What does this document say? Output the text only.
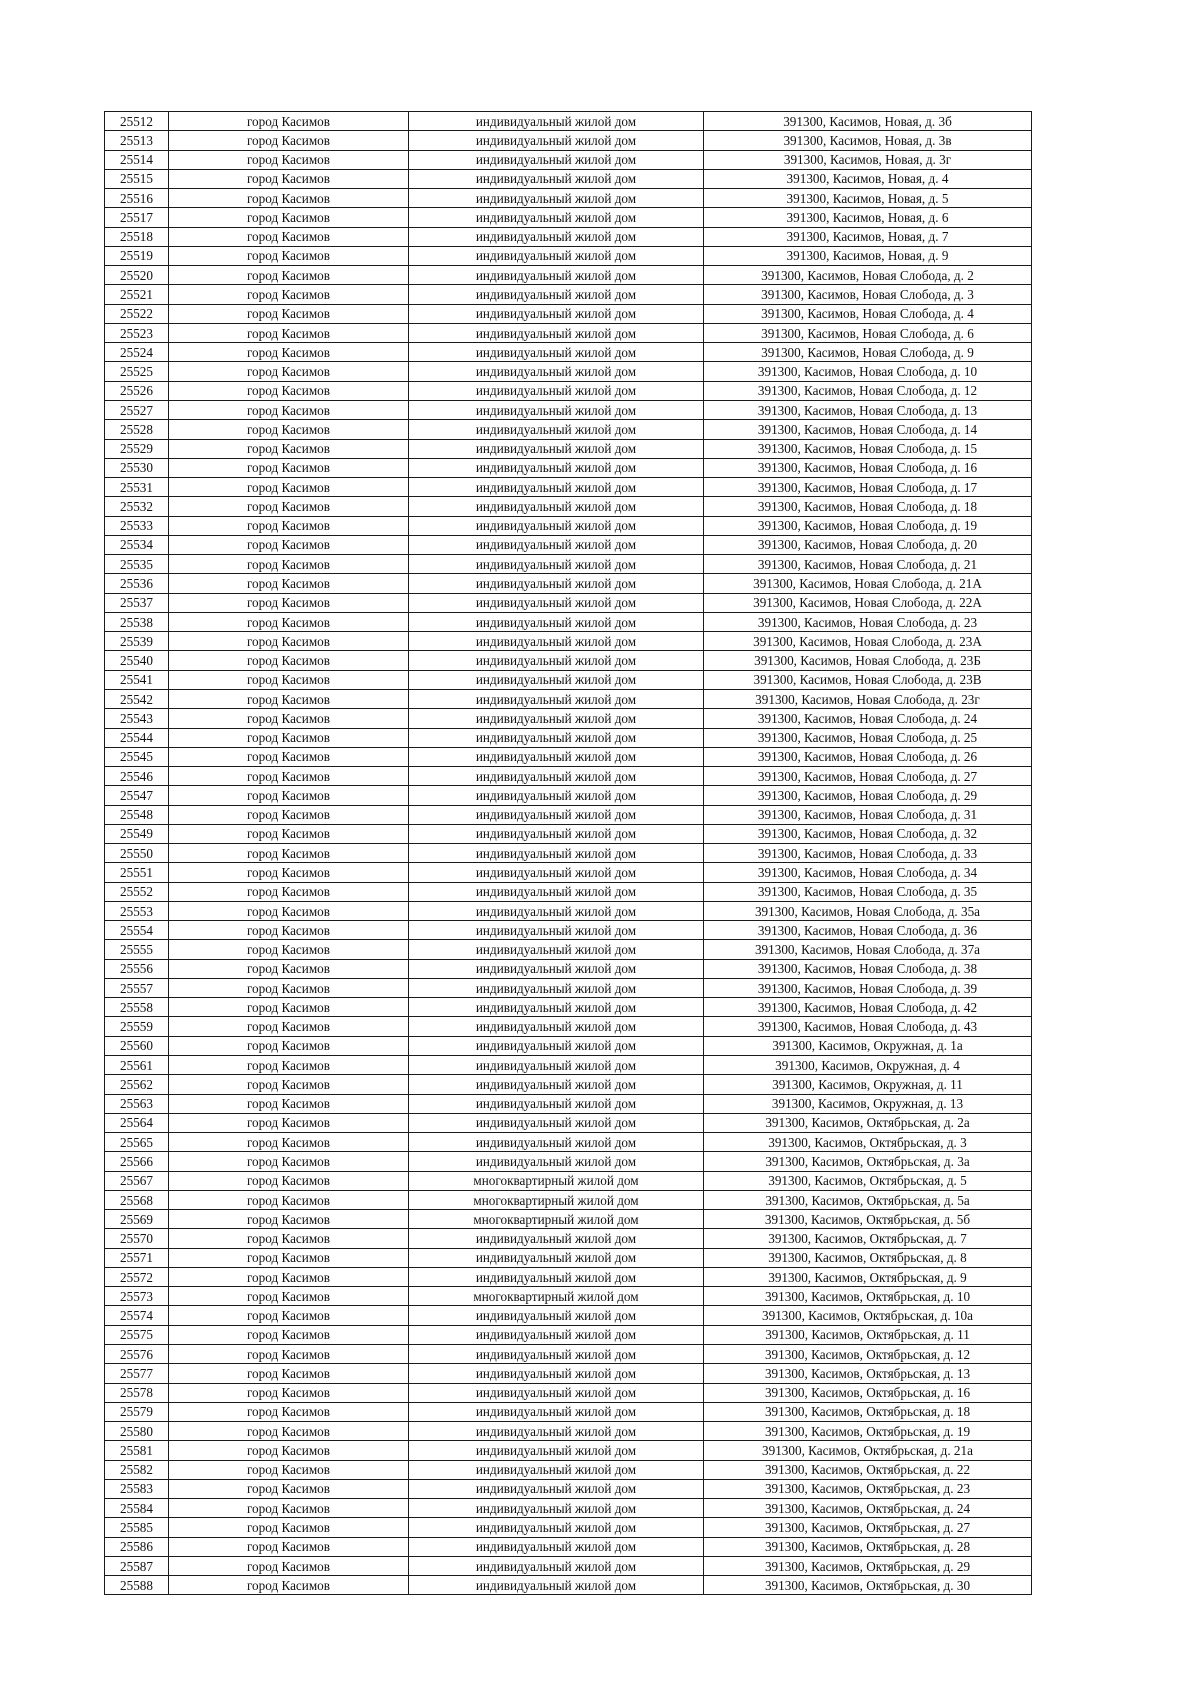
25512	город Касимов	индивидуальный жилой дом	391300, Касимов, Новая, д. 3б
25513	город Касимов	индивидуальный жилой дом	391300, Касимов, Новая, д. 3в
25514	город Касимов	индивидуальный жилой дом	391300, Касимов, Новая, д. 3г
25515	город Касимов	индивидуальный жилой дом	391300, Касимов, Новая, д. 4
25516	город Касимов	индивидуальный жилой дом	391300, Касимов, Новая, д. 5
25517	город Касимов	индивидуальный жилой дом	391300, Касимов, Новая, д. 6
25518	город Касимов	индивидуальный жилой дом	391300, Касимов, Новая, д. 7
25519	город Касимов	индивидуальный жилой дом	391300, Касимов, Новая, д. 9
25520	город Касимов	индивидуальный жилой дом	391300, Касимов, Новая Слобода, д. 2
25521	город Касимов	индивидуальный жилой дом	391300, Касимов, Новая Слобода, д. 3
25522	город Касимов	индивидуальный жилой дом	391300, Касимов, Новая Слобода, д. 4
25523	город Касимов	индивидуальный жилой дом	391300, Касимов, Новая Слобода, д. 6
25524	город Касимов	индивидуальный жилой дом	391300, Касимов, Новая Слобода, д. 9
25525	город Касимов	индивидуальный жилой дом	391300, Касимов, Новая Слобода, д. 10
25526	город Касимов	индивидуальный жилой дом	391300, Касимов, Новая Слобода, д. 12
25527	город Касимов	индивидуальный жилой дом	391300, Касимов, Новая Слобода, д. 13
25528	город Касимов	индивидуальный жилой дом	391300, Касимов, Новая Слобода, д. 14
25529	город Касимов	индивидуальный жилой дом	391300, Касимов, Новая Слобода, д. 15
25530	город Касимов	индивидуальный жилой дом	391300, Касимов, Новая Слобода, д. 16
25531	город Касимов	индивидуальный жилой дом	391300, Касимов, Новая Слобода, д. 17
25532	город Касимов	индивидуальный жилой дом	391300, Касимов, Новая Слобода, д. 18
25533	город Касимов	индивидуальный жилой дом	391300, Касимов, Новая Слобода, д. 19
25534	город Касимов	индивидуальный жилой дом	391300, Касимов, Новая Слобода, д. 20
25535	город Касимов	индивидуальный жилой дом	391300, Касимов, Новая Слобода, д. 21
25536	город Касимов	индивидуальный жилой дом	391300, Касимов, Новая Слобода, д. 21А
25537	город Касимов	индивидуальный жилой дом	391300, Касимов, Новая Слобода, д. 22А
25538	город Касимов	индивидуальный жилой дом	391300, Касимов, Новая Слобода, д. 23
25539	город Касимов	индивидуальный жилой дом	391300, Касимов, Новая Слобода, д. 23А
25540	город Касимов	индивидуальный жилой дом	391300, Касимов, Новая Слобода, д. 23Б
25541	город Касимов	индивидуальный жилой дом	391300, Касимов, Новая Слобода, д. 23В
25542	город Касимов	индивидуальный жилой дом	391300, Касимов, Новая Слобода, д. 23г
25543	город Касимов	индивидуальный жилой дом	391300, Касимов, Новая Слобода, д. 24
25544	город Касимов	индивидуальный жилой дом	391300, Касимов, Новая Слобода, д. 25
25545	город Касимов	индивидуальный жилой дом	391300, Касимов, Новая Слобода, д. 26
25546	город Касимов	индивидуальный жилой дом	391300, Касимов, Новая Слобода, д. 27
25547	город Касимов	индивидуальный жилой дом	391300, Касимов, Новая Слобода, д. 29
25548	город Касимов	индивидуальный жилой дом	391300, Касимов, Новая Слобода, д. 31
25549	город Касимов	индивидуальный жилой дом	391300, Касимов, Новая Слобода, д. 32
25550	город Касимов	индивидуальный жилой дом	391300, Касимов, Новая Слобода, д. 33
25551	город Касимов	индивидуальный жилой дом	391300, Касимов, Новая Слобода, д. 34
25552	город Касимов	индивидуальный жилой дом	391300, Касимов, Новая Слобода, д. 35
25553	город Касимов	индивидуальный жилой дом	391300, Касимов, Новая Слобода, д. 35а
25554	город Касимов	индивидуальный жилой дом	391300, Касимов, Новая Слобода, д. 36
25555	город Касимов	индивидуальный жилой дом	391300, Касимов, Новая Слобода, д. 37а
25556	город Касимов	индивидуальный жилой дом	391300, Касимов, Новая Слобода, д. 38
25557	город Касимов	индивидуальный жилой дом	391300, Касимов, Новая Слобода, д. 39
25558	город Касимов	индивидуальный жилой дом	391300, Касимов, Новая Слобода, д. 42
25559	город Касимов	индивидуальный жилой дом	391300, Касимов, Новая Слобода, д. 43
25560	город Касимов	индивидуальный жилой дом	391300, Касимов, Окружная, д. 1а
25561	город Касимов	индивидуальный жилой дом	391300, Касимов, Окружная, д. 4
25562	город Касимов	индивидуальный жилой дом	391300, Касимов, Окружная, д. 11
25563	город Касимов	индивидуальный жилой дом	391300, Касимов, Окружная, д. 13
25564	город Касимов	индивидуальный жилой дом	391300, Касимов, Октябрьская, д. 2а
25565	город Касимов	индивидуальный жилой дом	391300, Касимов, Октябрьская, д. 3
25566	город Касимов	индивидуальный жилой дом	391300, Касимов, Октябрьская, д. 3а
25567	город Касимов	многоквартирный жилой дом	391300, Касимов, Октябрьская, д. 5
25568	город Касимов	многоквартирный жилой дом	391300, Касимов, Октябрьская, д. 5а
25569	город Касимов	многоквартирный жилой дом	391300, Касимов, Октябрьская, д. 5б
25570	город Касимов	индивидуальный жилой дом	391300, Касимов, Октябрьская, д. 7
25571	город Касимов	индивидуальный жилой дом	391300, Касимов, Октябрьская, д. 8
25572	город Касимов	индивидуальный жилой дом	391300, Касимов, Октябрьская, д. 9
25573	город Касимов	многоквартирный жилой дом	391300, Касимов, Октябрьская, д. 10
25574	город Касимов	индивидуальный жилой дом	391300, Касимов, Октябрьская, д. 10а
25575	город Касимов	индивидуальный жилой дом	391300, Касимов, Октябрьская, д. 11
25576	город Касимов	индивидуальный жилой дом	391300, Касимов, Октябрьская, д. 12
25577	город Касимов	индивидуальный жилой дом	391300, Касимов, Октябрьская, д. 13
25578	город Касимов	индивидуальный жилой дом	391300, Касимов, Октябрьская, д. 16
25579	город Касимов	индивидуальный жилой дом	391300, Касимов, Октябрьская, д. 18
25580	город Касимов	индивидуальный жилой дом	391300, Касимов, Октябрьская, д. 19
25581	город Касимов	индивидуальный жилой дом	391300, Касимов, Октябрьская, д. 21а
25582	город Касимов	индивидуальный жилой дом	391300, Касимов, Октябрьская, д. 22
25583	город Касимов	индивидуальный жилой дом	391300, Касимов, Октябрьская, д. 23
25584	город Касимов	индивидуальный жилой дом	391300, Касимов, Октябрьская, д. 24
25585	город Касимов	индивидуальный жилой дом	391300, Касимов, Октябрьская, д. 27
25586	город Касимов	индивидуальный жилой дом	391300, Касимов, Октябрьская, д. 28
25587	город Касимов	индивидуальный жилой дом	391300, Касимов, Октябрьская, д. 29
25588	город Касимов	индивидуальный жилой дом	391300, Касимов, Октябрьская, д. 30
